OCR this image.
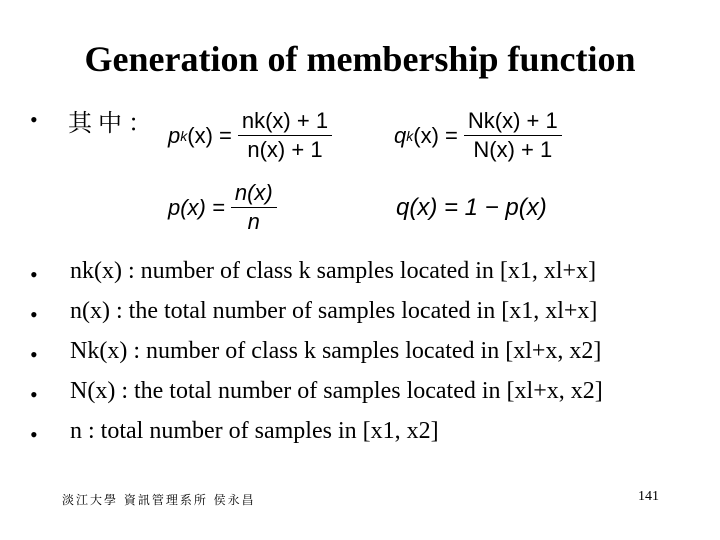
Generation of membership function
• 其中： p k $(x) = \frac{nk(x) + 1}{n(x) + 1}$	q k $(x) = \frac{Nk(x) + 1}{N(x) + 1}$
$p(x) = \frac{n(x)}{n}$	q(x) = 1 − p(x)
• nk(x) : number of class k samples located in [x1, xl+x]
• n(x) : the total number of samples located in [x1, xl+x]
• Nk(x) : number of class k samples located in [xl+x, x2]
• N(x) : the total number of samples located in [xl+x, x2]
• n : total number of samples in [x1, x2]
淡江大學 資訊管理系所 侯永昌	141
